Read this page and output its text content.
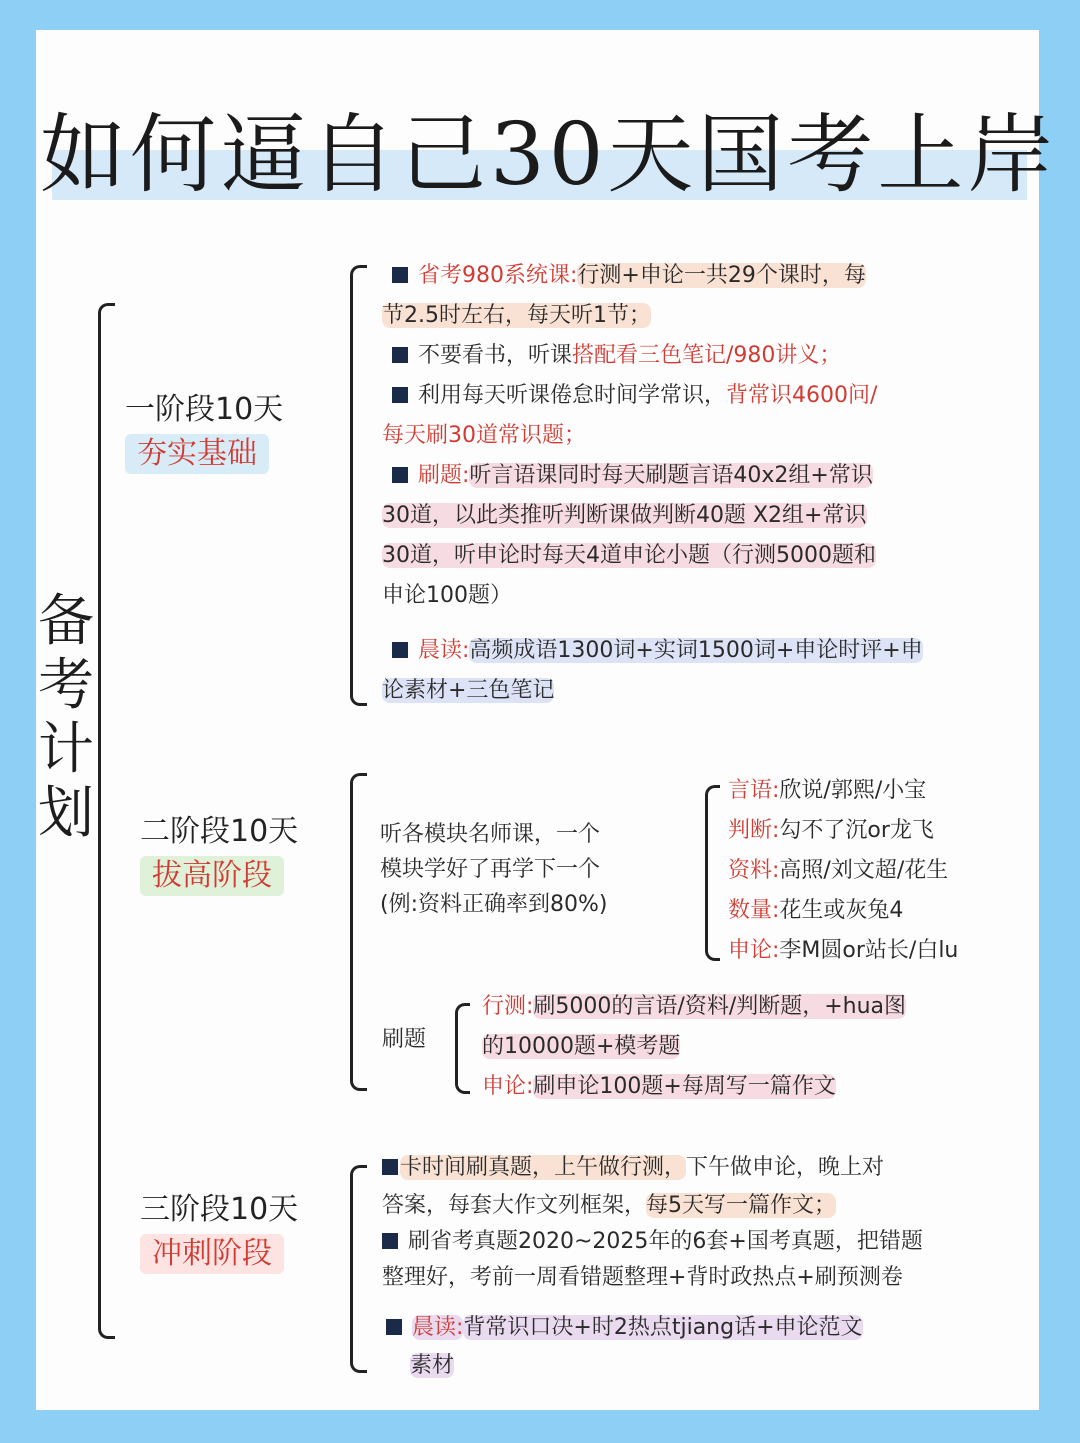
如何逼自己30天国考上岸
备
考
计
划
一阶段10天
夯实基础
省考980系统课:行测+申论一共29个课时，每
节2.5时左右，每天听1节；
不要看书，听课搭配看三色笔记/980讲义；
利用每天听课倦怠时间学常识，背常识4600问/
每天刷30道常识题；
刷题:听言语课同时每天刷题言语40x2组+常识
30道，以此类推听判断课做判断40题 X2组+常识
30道，听申论时每天4道申论小题（行测5000题和
申论100题）
晨读:高频成语1300词+实词1500词+申论时评+申
论素材+三色笔记
二阶段10天
拔高阶段
听各模块名师课，一个
模块学好了再学下一个
(例:资料正确率到80%)
言语:欣说/郭熙/小宝
判断:勾不了沉or龙飞
资料:高照/刘文超/花生
数量:花生或灰兔4
申论:李M圆or站长/白lu
刷题
行测:刷5000的言语/资料/判断题，+hua图
的10000题+模考题
申论:刷申论100题+每周写一篇作文
三阶段10天
冲刺阶段
卡时间刷真题，上午做行测，下午做申论，晚上对
答案，每套大作文列框架，每5天写一篇作文；
刷省考真题2020~2025年的6套+国考真题，把错题
整理好，考前一周看错题整理+背时政热点+刷预测卷
晨读:背常识口决+时2热点tjiang话+申论范文
素材
